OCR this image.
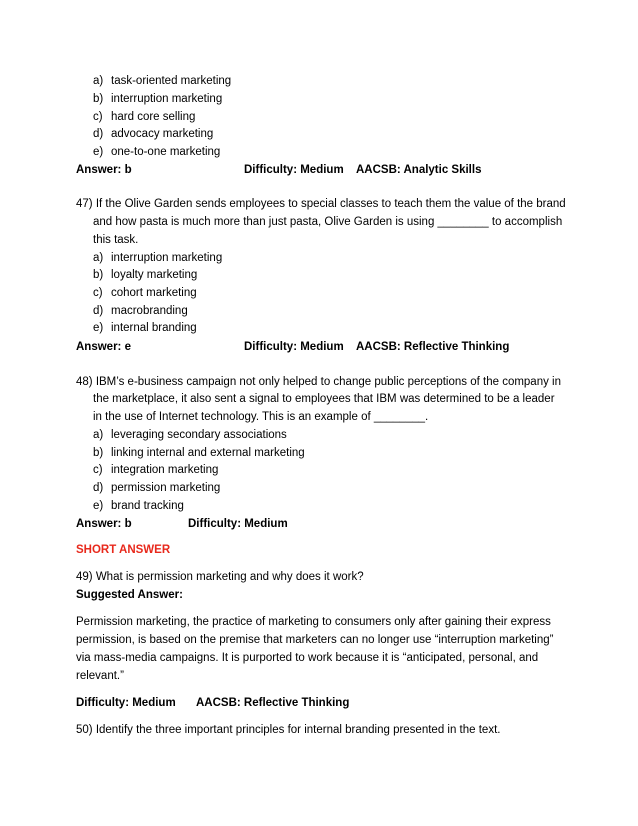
a) task-oriented marketing
b) interruption marketing
c) hard core selling
d) advocacy marketing
e) one-to-one marketing
Answer: b	Difficulty: Medium AACSB: Analytic Skills
47) If the Olive Garden sends employees to special classes to teach them the value of the brand
and how pasta is much more than just pasta, Olive Garden is using ________ to accomplish
this task.
a) interruption marketing
b) loyalty marketing
c) cohort marketing
d) macrobranding
e) internal branding
Answer: e	Difficulty: Medium AACSB: Reflective Thinking
48) IBM’s e-business campaign not only helped to change public perceptions of the company in
the marketplace, it also sent a signal to employees that IBM was determined to be a leader
in the use of Internet technology. This is an example of ________.
a) leveraging secondary associations
b) linking internal and external marketing
c) integration marketing
d) permission marketing
e) brand tracking
Answer: b	Difficulty: Medium
SHORT ANSWER
49) What is permission marketing and why does it work?
Suggested Answer:
Permission marketing, the practice of marketing to consumers only after gaining their express
permission, is based on the premise that marketers can no longer use “interruption marketing”
via mass-media campaigns. It is purported to work because it is “anticipated, personal, and
relevant.”
Difficulty: Medium AACSB: Reflective Thinking
50) Identify the three important principles for internal branding presented in the text.
